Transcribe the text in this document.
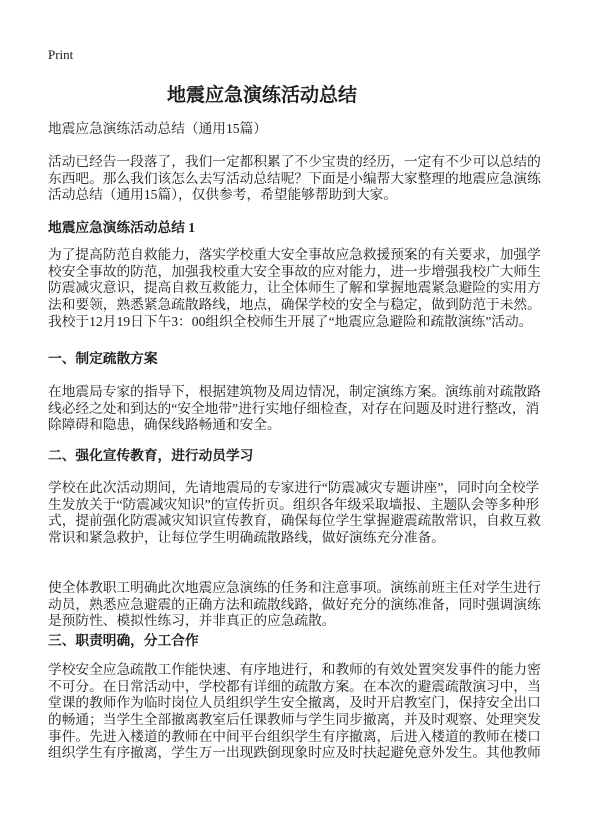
Print
地震应急演练活动总结
地震应急演练活动总结（通用15篇）
活动已经告一段落了，我们一定都积累了不少宝贵的经历，一定有不少可以总结的
东西吧。那么我们该怎么去写活动总结呢？下面是小编帮大家整理的地震应急演练
活动总结（通用15篇），仅供参考，希望能够帮助到大家。
地震应急演练活动总结 1
为了提高防范自救能力，落实学校重大安全事故应急救援预案的有关要求，加强学
校安全事故的防范，加强我校重大安全事故的应对能力，进一步增强我校广大师生
防震减灾意识，提高自救互救能力，让全体师生了解和掌握地震紧急避险的实用方
法和要领，熟悉紧急疏散路线，地点，确保学校的安全与稳定，做到防范于未然。
我校于12月19日下午3：00组织全校师生开展了“地震应急避险和疏散演练”活动。
一、制定疏散方案
在地震局专家的指导下，根据建筑物及周边情况，制定演练方案。演练前对疏散路
线必经之处和到达的“安全地带”进行实地仔细检查，对存在问题及时进行整改，消
除障碍和隐患，确保线路畅通和安全。
二、强化宣传教育，进行动员学习
学校在此次活动期间，先请地震局的专家进行“防震减灾专题讲座”，同时向全校学
生发放关于“防震减灾知识”的宣传折页。组织各年级采取墙报、主题队会等多种形
式，提前强化防震减灾知识宣传教育，确保每位学生掌握避震疏散常识，自救互救
常识和紧急救护，让每位学生明确疏散路线，做好演练充分准备。
使全体教职工明确此次地震应急演练的任务和注意事项。演练前班主任对学生进行
动员，熟悉应急避震的正确方法和疏散线路，做好充分的演练准备，同时强调演练
是预防性、模拟性练习，并非真正的应急疏散。
三、职责明确，分工合作
学校安全应急疏散工作能快速、有序地进行，和教师的有效处置突发事件的能力密
不可分。在日常活动中，学校都有详细的疏散方案。在本次的避震疏散演习中，当
堂课的教师作为临时岗位人员组织学生安全撤离，及时开启教室门，保持安全出口
的畅通；当学生全部撤离教室后任课教师与学生同步撤离，并及时观察、处理突发
事件。先进入楼道的教师在中间平台组织学生有序撤离，后进入楼道的教师在楼口
组织学生有序撤离，学生万一出现跌倒现象时应及时扶起避免意外发生。其他教师
